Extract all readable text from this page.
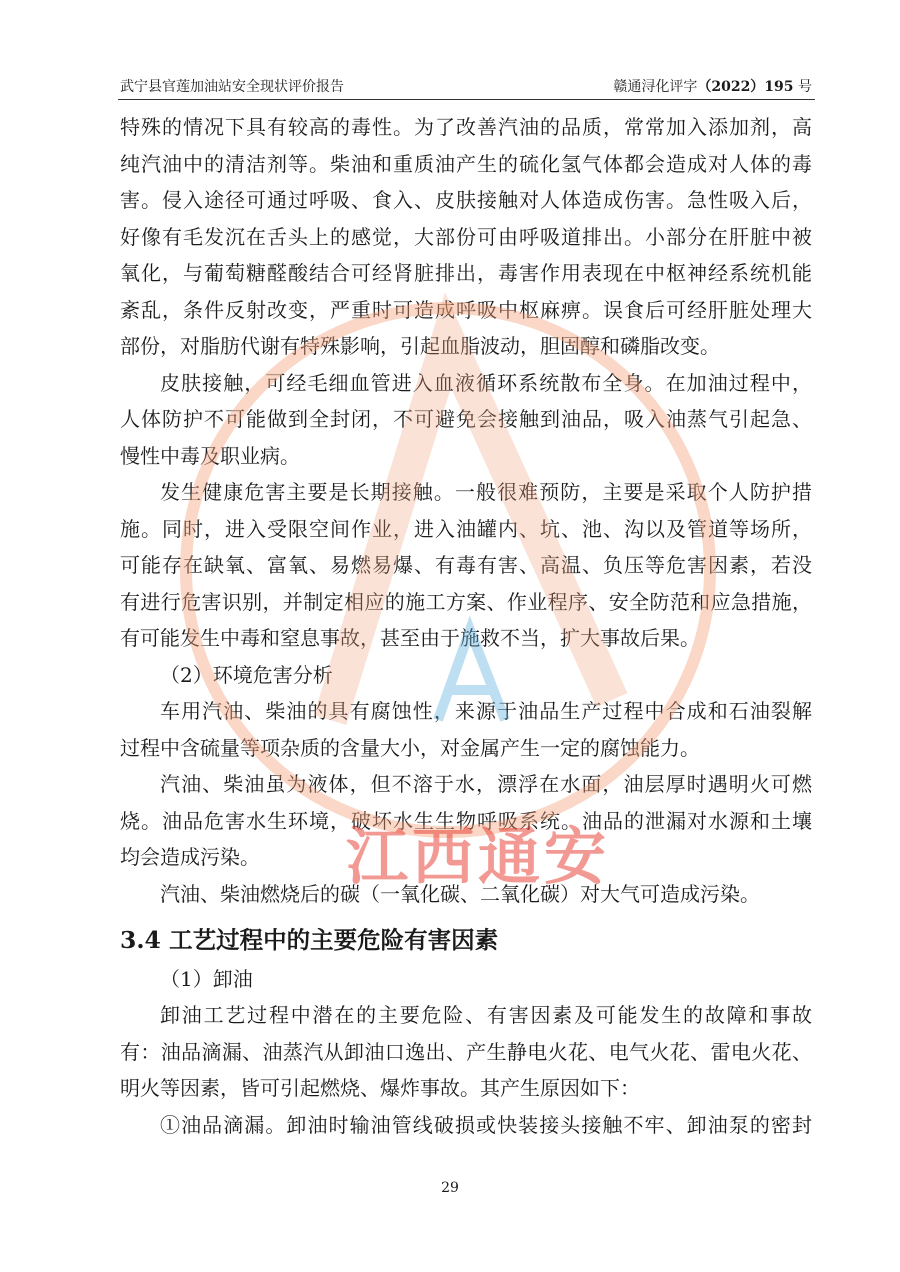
武宁县官莲加油站安全现状评价报告	赣通浔化评字（2022）195 号
特殊的情况下具有较高的毒性。为了改善汽油的品质，常常加入添加剂，高
纯汽油中的清洁剂等。柴油和重质油产生的硫化氢气体都会造成对人体的毒
害。侵入途径可通过呼吸、食入、皮肤接触对人体造成伤害。急性吸入后，
好像有毛发沉在舌头上的感觉，大部份可由呼吸道排出。小部分在肝脏中被
氧化，与葡萄糖醛酸结合可经肾脏排出，毒害作用表现在中枢神经系统机能
紊乱，条件反射改变，严重时可造成呼吸中枢麻痹。误食后可经肝脏处理大
部份，对脂肪代谢有特殊影响，引起血脂波动，胆固醇和磷脂改变。
皮肤接触，可经毛细血管进入血液循环系统散布全身。在加油过程中，
人体防护不可能做到全封闭，不可避免会接触到油品，吸入油蒸气引起急、
慢性中毒及职业病。
发生健康危害主要是长期接触。一般很难预防，主要是采取个人防护措
施。同时，进入受限空间作业，进入油罐内、坑、池、沟以及管道等场所，
可能存在缺氧、富氧、易燃易爆、有毒有害、高温、负压等危害因素，若没
有进行危害识别，并制定相应的施工方案、作业程序、安全防范和应急措施，
有可能发生中毒和窒息事故，甚至由于施救不当，扩大事故后果。
（2）环境危害分析
车用汽油、柴油的具有腐蚀性，来源于油品生产过程中合成和石油裂解
过程中含硫量等项杂质的含量大小，对金属产生一定的腐蚀能力。
汽油、柴油虽为液体，但不溶于水，漂浮在水面，油层厚时遇明火可燃
烧。油品危害水生环境，破坏水生生物呼吸系统。油品的泄漏对水源和土壤
均会造成污染。
汽油、柴油燃烧后的碳（一氧化碳、二氧化碳）对大气可造成污染。
3.4 工艺过程中的主要危险有害因素
（1）卸油
卸油工艺过程中潜在的主要危险、有害因素及可能发生的故障和事故
有：油品滴漏、油蒸汽从卸油口逸出、产生静电火花、电气火花、雷电火花、
明火等因素，皆可引起燃烧、爆炸事故。其产生原因如下：
①油品滴漏。卸油时输油管线破损或快装接头接触不牢、卸油泵的密封
29
江西通安
